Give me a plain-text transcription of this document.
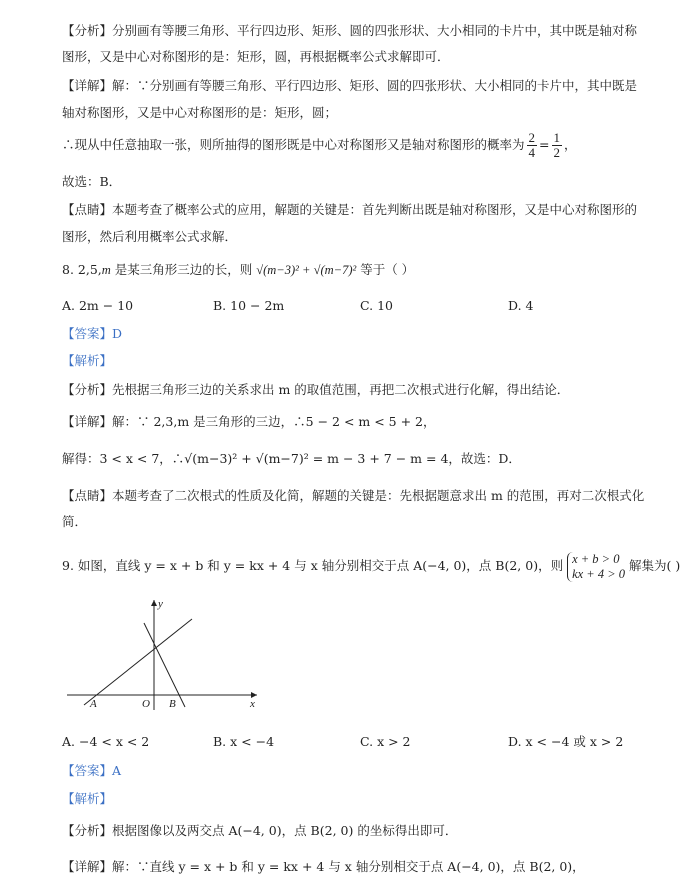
【分析】分别画有等腰三角形、平行四边形、矩形、圆的四张形状、大小相同的卡片中，其中既是轴对称
图形，又是中心对称图形的是：矩形，圆，再根据概率公式求解即可．
【详解】解：∵分别画有等腰三角形、平行四边形、矩形、圆的四张形状、大小相同的卡片中，其中既是
轴对称图形，又是中心对称图形的是：矩形，圆；
∴现从中任意抽取一张，则所抽得的图形既是中心对称图形又是轴对称图形的概率为 $\frac{2}{4} = \frac{1}{2}$ ，
故选：B．
【点睛】本题考查了概率公式的应用，解题的关键是：首先判断出既是轴对称图形，又是中心对称图形的
图形，然后利用概率公式求解．
8. 2,5,m 是某三角形三边的长，则 √(m−3)² + √(m−7)² 等于（ ）
A. 2m − 10	B. 10 − 2m	C. 10	D. 4
【答案】D
【解析】
【分析】先根据三角形三边的关系求出 m 的取值范围，再把二次根式进行化解，得出结论．
【详解】解：∵ 2,3,m 是三角形的三边，∴5 − 2 < m < 5 + 2，
解得：3 < x < 7，∴√(m−3)² + √(m−7)² = m − 3 + 7 − m = 4，故选：D．
【点睛】本题考查了二次根式的性质及化简，解题的关键是：先根据题意求出 m 的范围，再对二次根式化
简．
9. 如图，直线 y = x + b 和 y = kx + 4 与 x 轴分别相交于点 A(−4, 0)，点 B(2, 0)，则 x + b > 0
kx + 4 > 0
解集为( )
y
x
A	O B
A. −4 < x < 2	B. x < −4	C. x > 2	D. x < −4 或 x > 2
【答案】A
【解析】
【分析】根据图像以及两交点 A(−4, 0)，点 B(2, 0) 的坐标得出即可．
【详解】解：∵直线 y = x + b 和 y = kx + 4 与 x 轴分别相交于点 A(−4, 0)，点 B(2, 0)，
